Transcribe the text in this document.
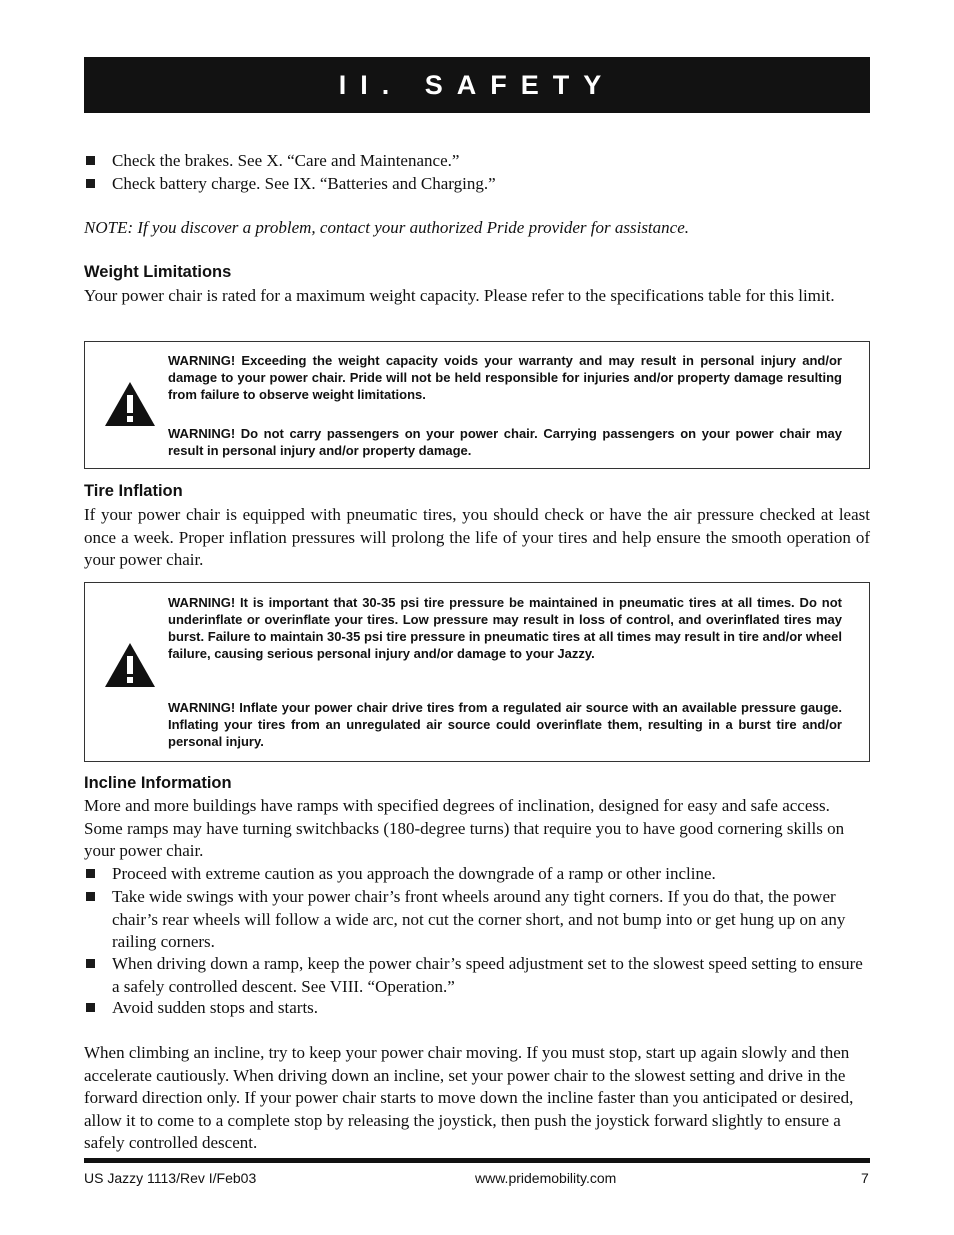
II. SAFETY
Check the brakes. See X. “Care and Maintenance.”
Check battery charge. See IX. “Batteries and Charging.”
NOTE: If you discover a problem, contact your authorized Pride provider for assistance.
Weight Limitations
Your power chair is rated for a maximum weight capacity. Please refer to the specifications table for this limit.
WARNING! Exceeding the weight capacity voids your warranty and may result in personal injury and/or damage to your power chair. Pride will not be held responsible for injuries and/or property damage resulting from failure to observe weight limitations.
WARNING! Do not carry passengers on your power chair. Carrying passengers on your power chair may result in personal injury and/or property damage.
Tire Inflation
If your power chair is equipped with pneumatic tires, you should check or have the air pressure checked at least once a week. Proper inflation pressures will prolong the life of your tires and help ensure the smooth operation of your power chair.
WARNING! It is important that 30-35 psi tire pressure be maintained in pneumatic tires at all times. Do not underinflate or overinflate your tires. Low pressure may result in loss of control, and overinflated tires may burst. Failure to maintain 30-35 psi tire pressure in pneumatic tires at all times may result in tire and/or wheel failure, causing serious personal injury and/or damage to your Jazzy.
WARNING! Inflate your power chair drive tires from a regulated air source with an available pressure gauge. Inflating your tires from an unregulated air source could overinflate them, resulting in a burst tire and/or personal injury.
Incline Information
More and more buildings have ramps with specified degrees of inclination, designed for easy and safe access. Some ramps may have turning switchbacks (180-degree turns) that require you to have good cornering skills on your power chair.
Proceed with extreme caution as you approach the downgrade of a ramp or other incline.
Take wide swings with your power chair’s front wheels around any tight corners. If you do that, the power chair’s rear wheels will follow a wide arc, not cut the corner short, and not bump into or get hung up on any railing corners.
When driving down a ramp, keep the power chair’s speed adjustment set to the slowest speed setting to ensure a safely controlled descent. See VIII. “Operation.”
Avoid sudden stops and starts.
When climbing an incline, try to keep your power chair moving. If you must stop, start up again slowly and then accelerate cautiously. When driving down an incline, set your power chair to the slowest setting and drive in the forward direction only. If your power chair starts to move down the incline faster than you anticipated or desired, allow it to come to a complete stop by releasing the joystick, then push the joystick forward slightly to ensure a safely controlled descent.
US Jazzy 1113/Rev I/Feb03	www.pridemobility.com	7
